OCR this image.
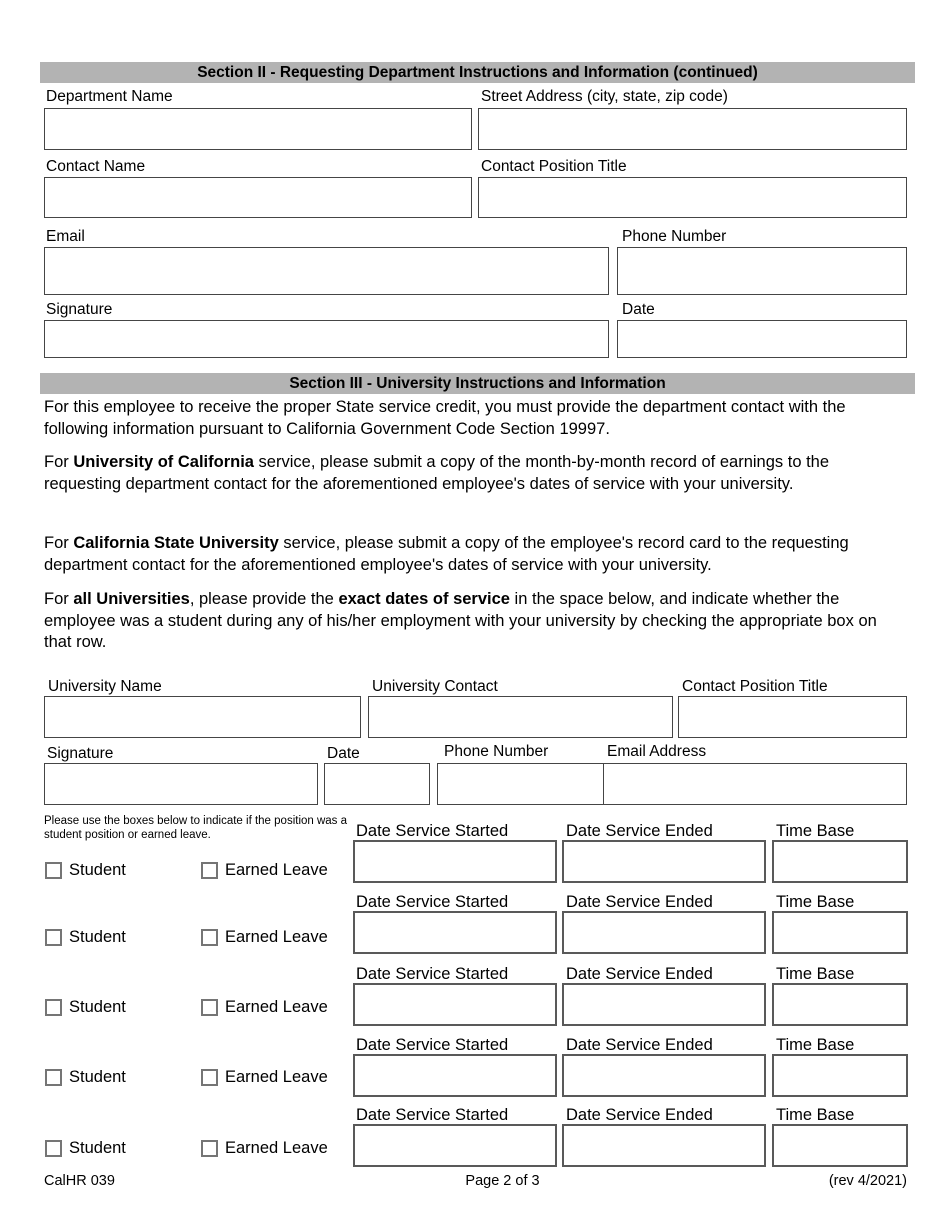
Section II - Requesting Department Instructions and Information (continued)
Department Name	Street Address (city, state, zip code)
Contact Name	Contact Position Title
Email	Phone Number
Signature	Date
Section III - University Instructions and Information
For this employee to receive the proper State service credit, you must provide the department contact with the following information pursuant to California Government Code Section 19997.
For University of California service, please submit a copy of the month-by-month record of earnings to the requesting department contact for the aforementioned employee's dates of service with your university.
For California State University service, please submit a copy of the employee's record card to the requesting department contact for the aforementioned employee's dates of service with your university.
For all Universities, please provide the exact dates of service in the space below, and indicate whether the employee was a student during any of his/her employment with your university by checking the appropriate box on that row.
University Name	University Contact	Contact Position Title
Signature	Date	Phone Number	Email Address
Please use the boxes below to indicate if the position was a student position or earned leave.	Date Service Started	Date Service Ended	Time Base
Student	Earned Leave
Date Service Started	Date Service Ended	Time Base
Student	Earned Leave
Date Service Started	Date Service Ended	Time Base
Student	Earned Leave
Date Service Started	Date Service Ended	Time Base
Student	Earned Leave
Date Service Started	Date Service Ended	Time Base
Student	Earned Leave
CalHR 039	Page 2 of 3	(rev 4/2021)
